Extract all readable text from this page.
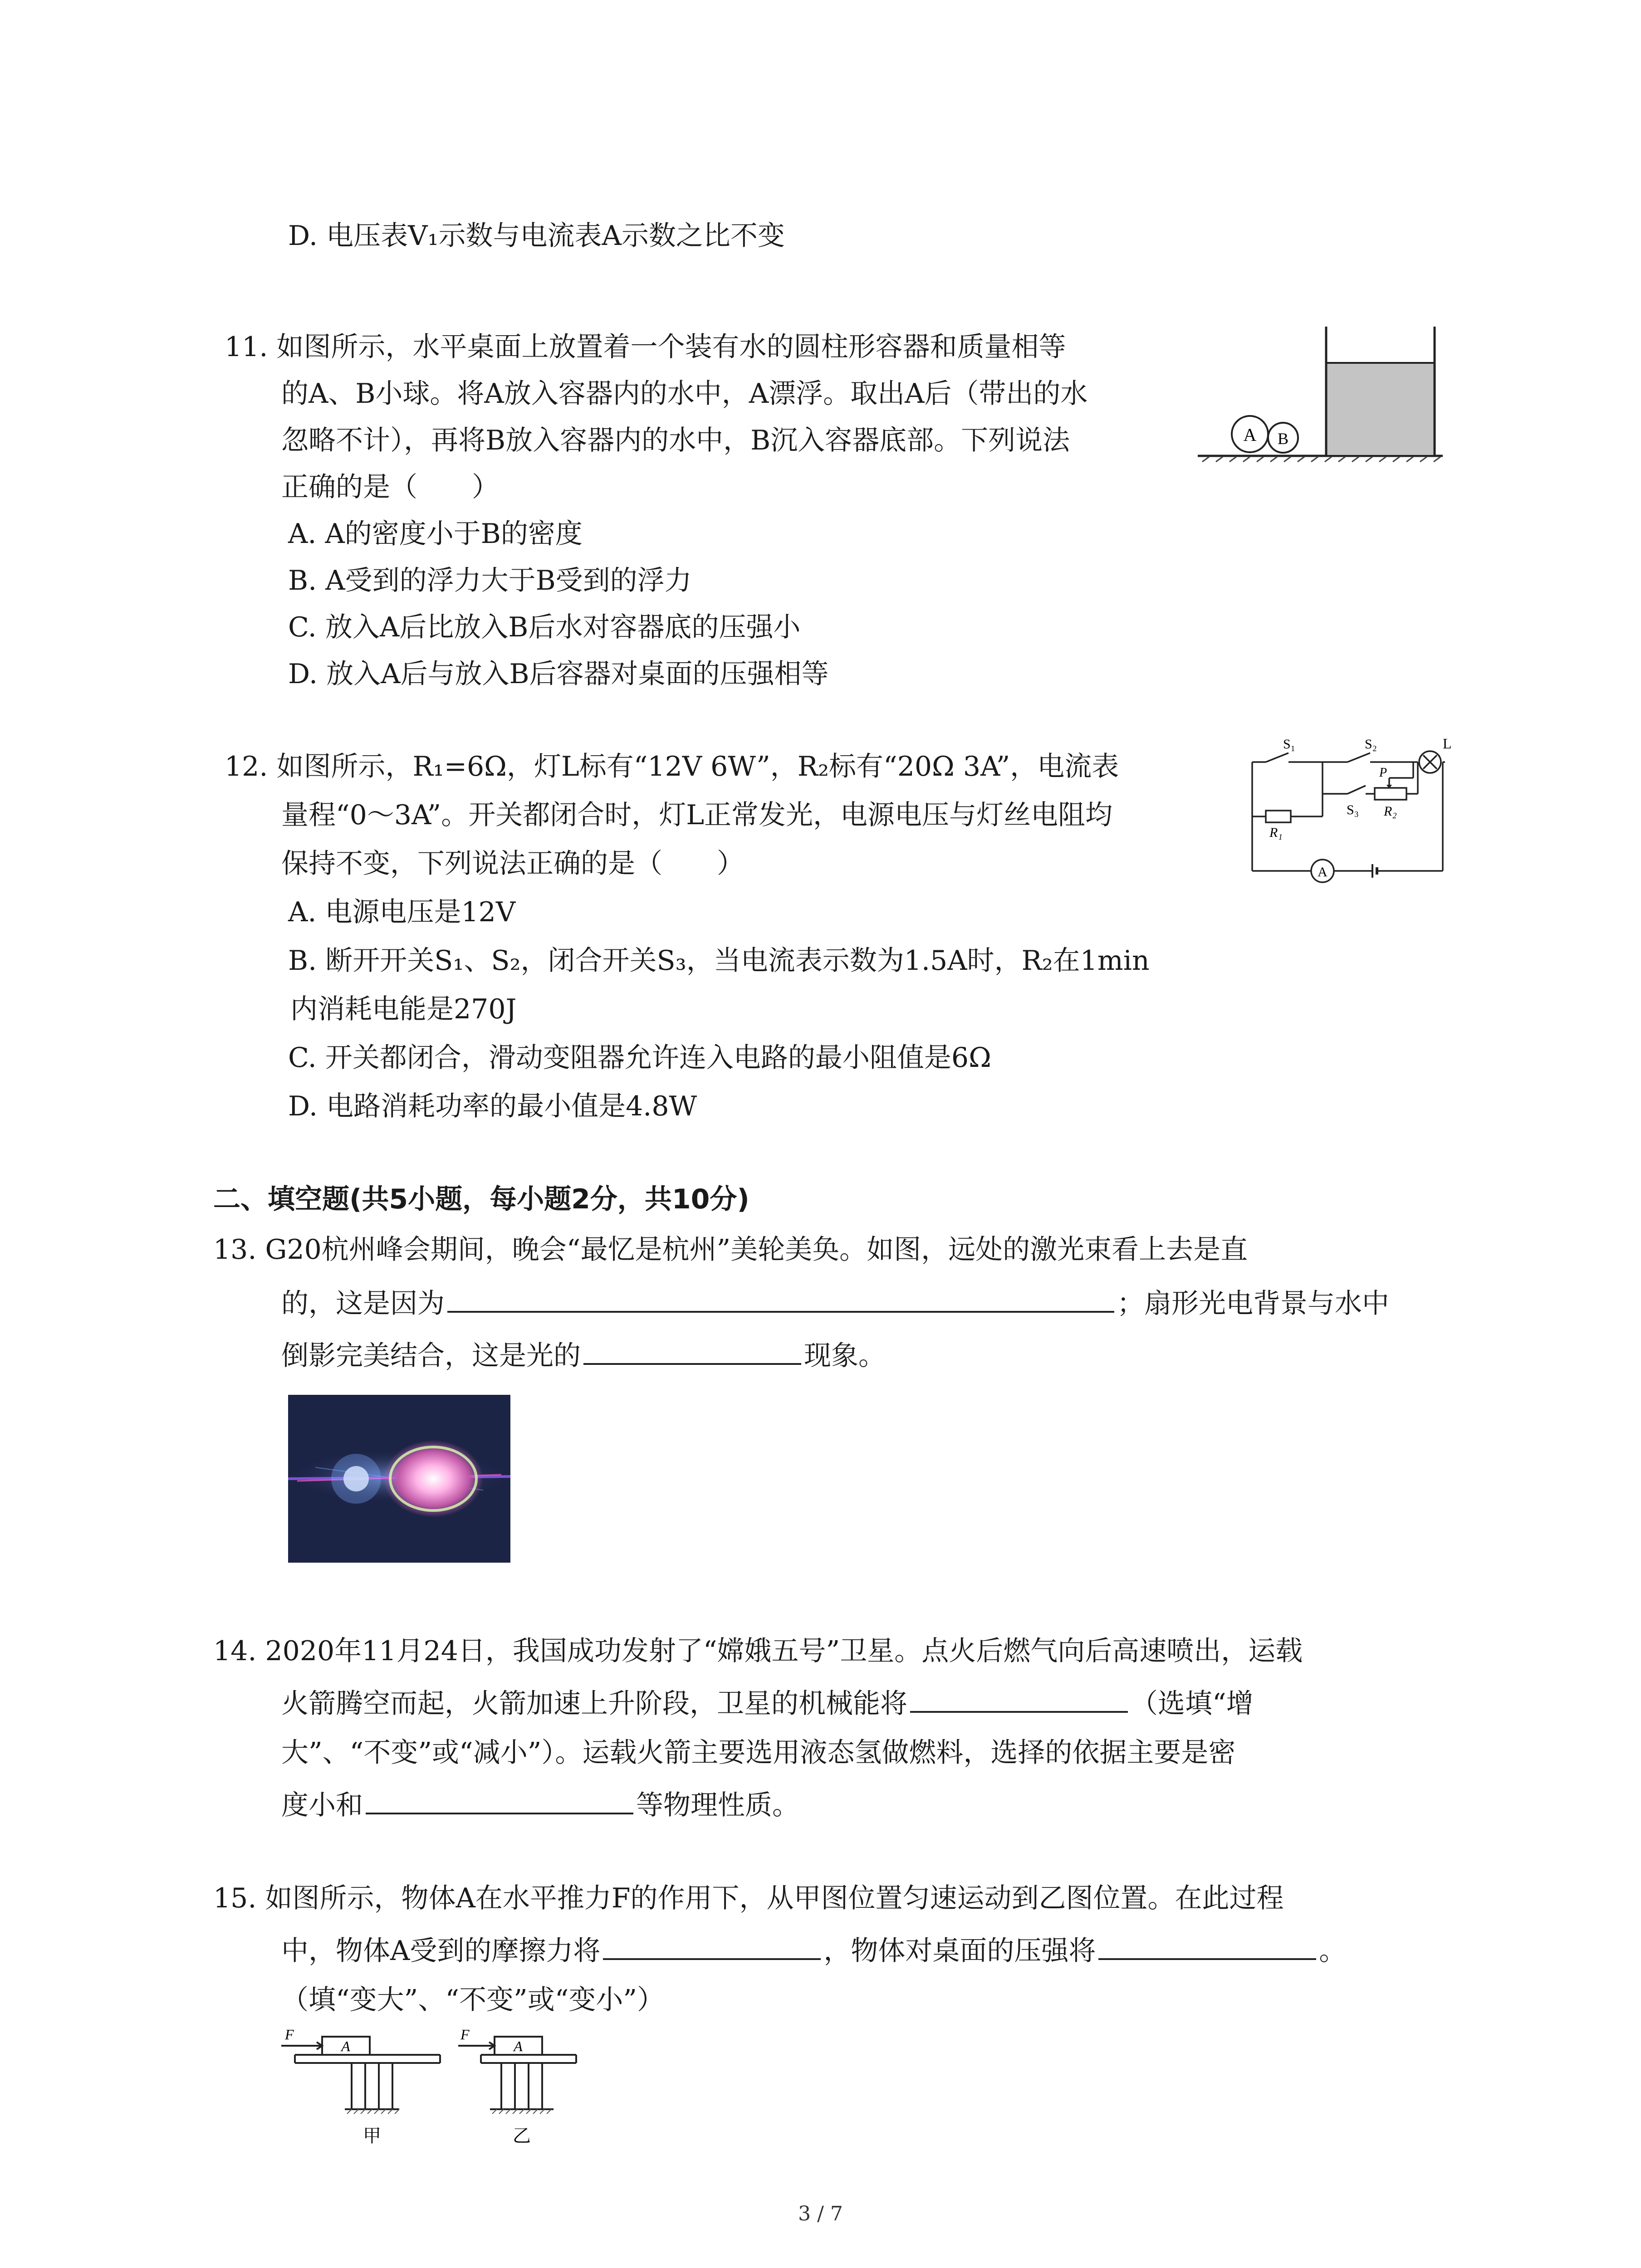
D. 电压表V₁示数与电流表A示数之比不变
11. 如图所示，水平桌面上放置着一个装有水的圆柱形容器和质量相等
的A、B小球。将A放入容器内的水中，A漂浮。取出A后（带出的水
忽略不计），再将B放入容器内的水中，B沉入容器底部。下列说法
正确的是（　　）
A. A的密度小于B的密度
B. A受到的浮力大于B受到的浮力
C. 放入A后比放入B后水对容器底的压强小
D. 放入A后与放入B后容器对桌面的压强相等
A B
12. 如图所示，R₁=6Ω，灯L标有“12V 6W”，R₂标有“20Ω 3A”，电流表
量程“0～3A”。开关都闭合时，灯L正常发光，电源电压与灯丝电阻均
保持不变，下列说法正确的是（　　）
A. 电源电压是12V
B. 断开开关S₁、S₂，闭合开关S₃，当电流表示数为1.5A时，R₂在1min
内消耗电能是270J
C. 开关都闭合，滑动变阻器允许连入电路的最小阻值是6Ω
D. 电路消耗功率的最小值是4.8W
S₁	S₂	L
R₁
S₃
P
R₂
A
二、填空题(共5小题，每小题2分，共10分)
13. G20杭州峰会期间，晚会“最忆是杭州”美轮美奂。如图，远处的激光束看上去是直
的，这是因为	；扇形光电背景与水中
倒影完美结合，这是光的	现象。
14. 2020年11月24日，我国成功发射了“嫦娥五号”卫星。点火后燃气向后高速喷出，运载
火箭腾空而起，火箭加速上升阶段，卫星的机械能将	（选填“增
大”、“不变”或“减小”）。运载火箭主要选用液态氢做燃料，选择的依据主要是密
度小和	等物理性质。
15. 如图所示，物体A在水平推力F的作用下，从甲图位置匀速运动到乙图位置。在此过程
中，物体A受到的摩擦力将	，物体对桌面的压强将	。
（填“变大”、“不变”或“变小”）
F
A
甲
F
A
乙
3 / 7
